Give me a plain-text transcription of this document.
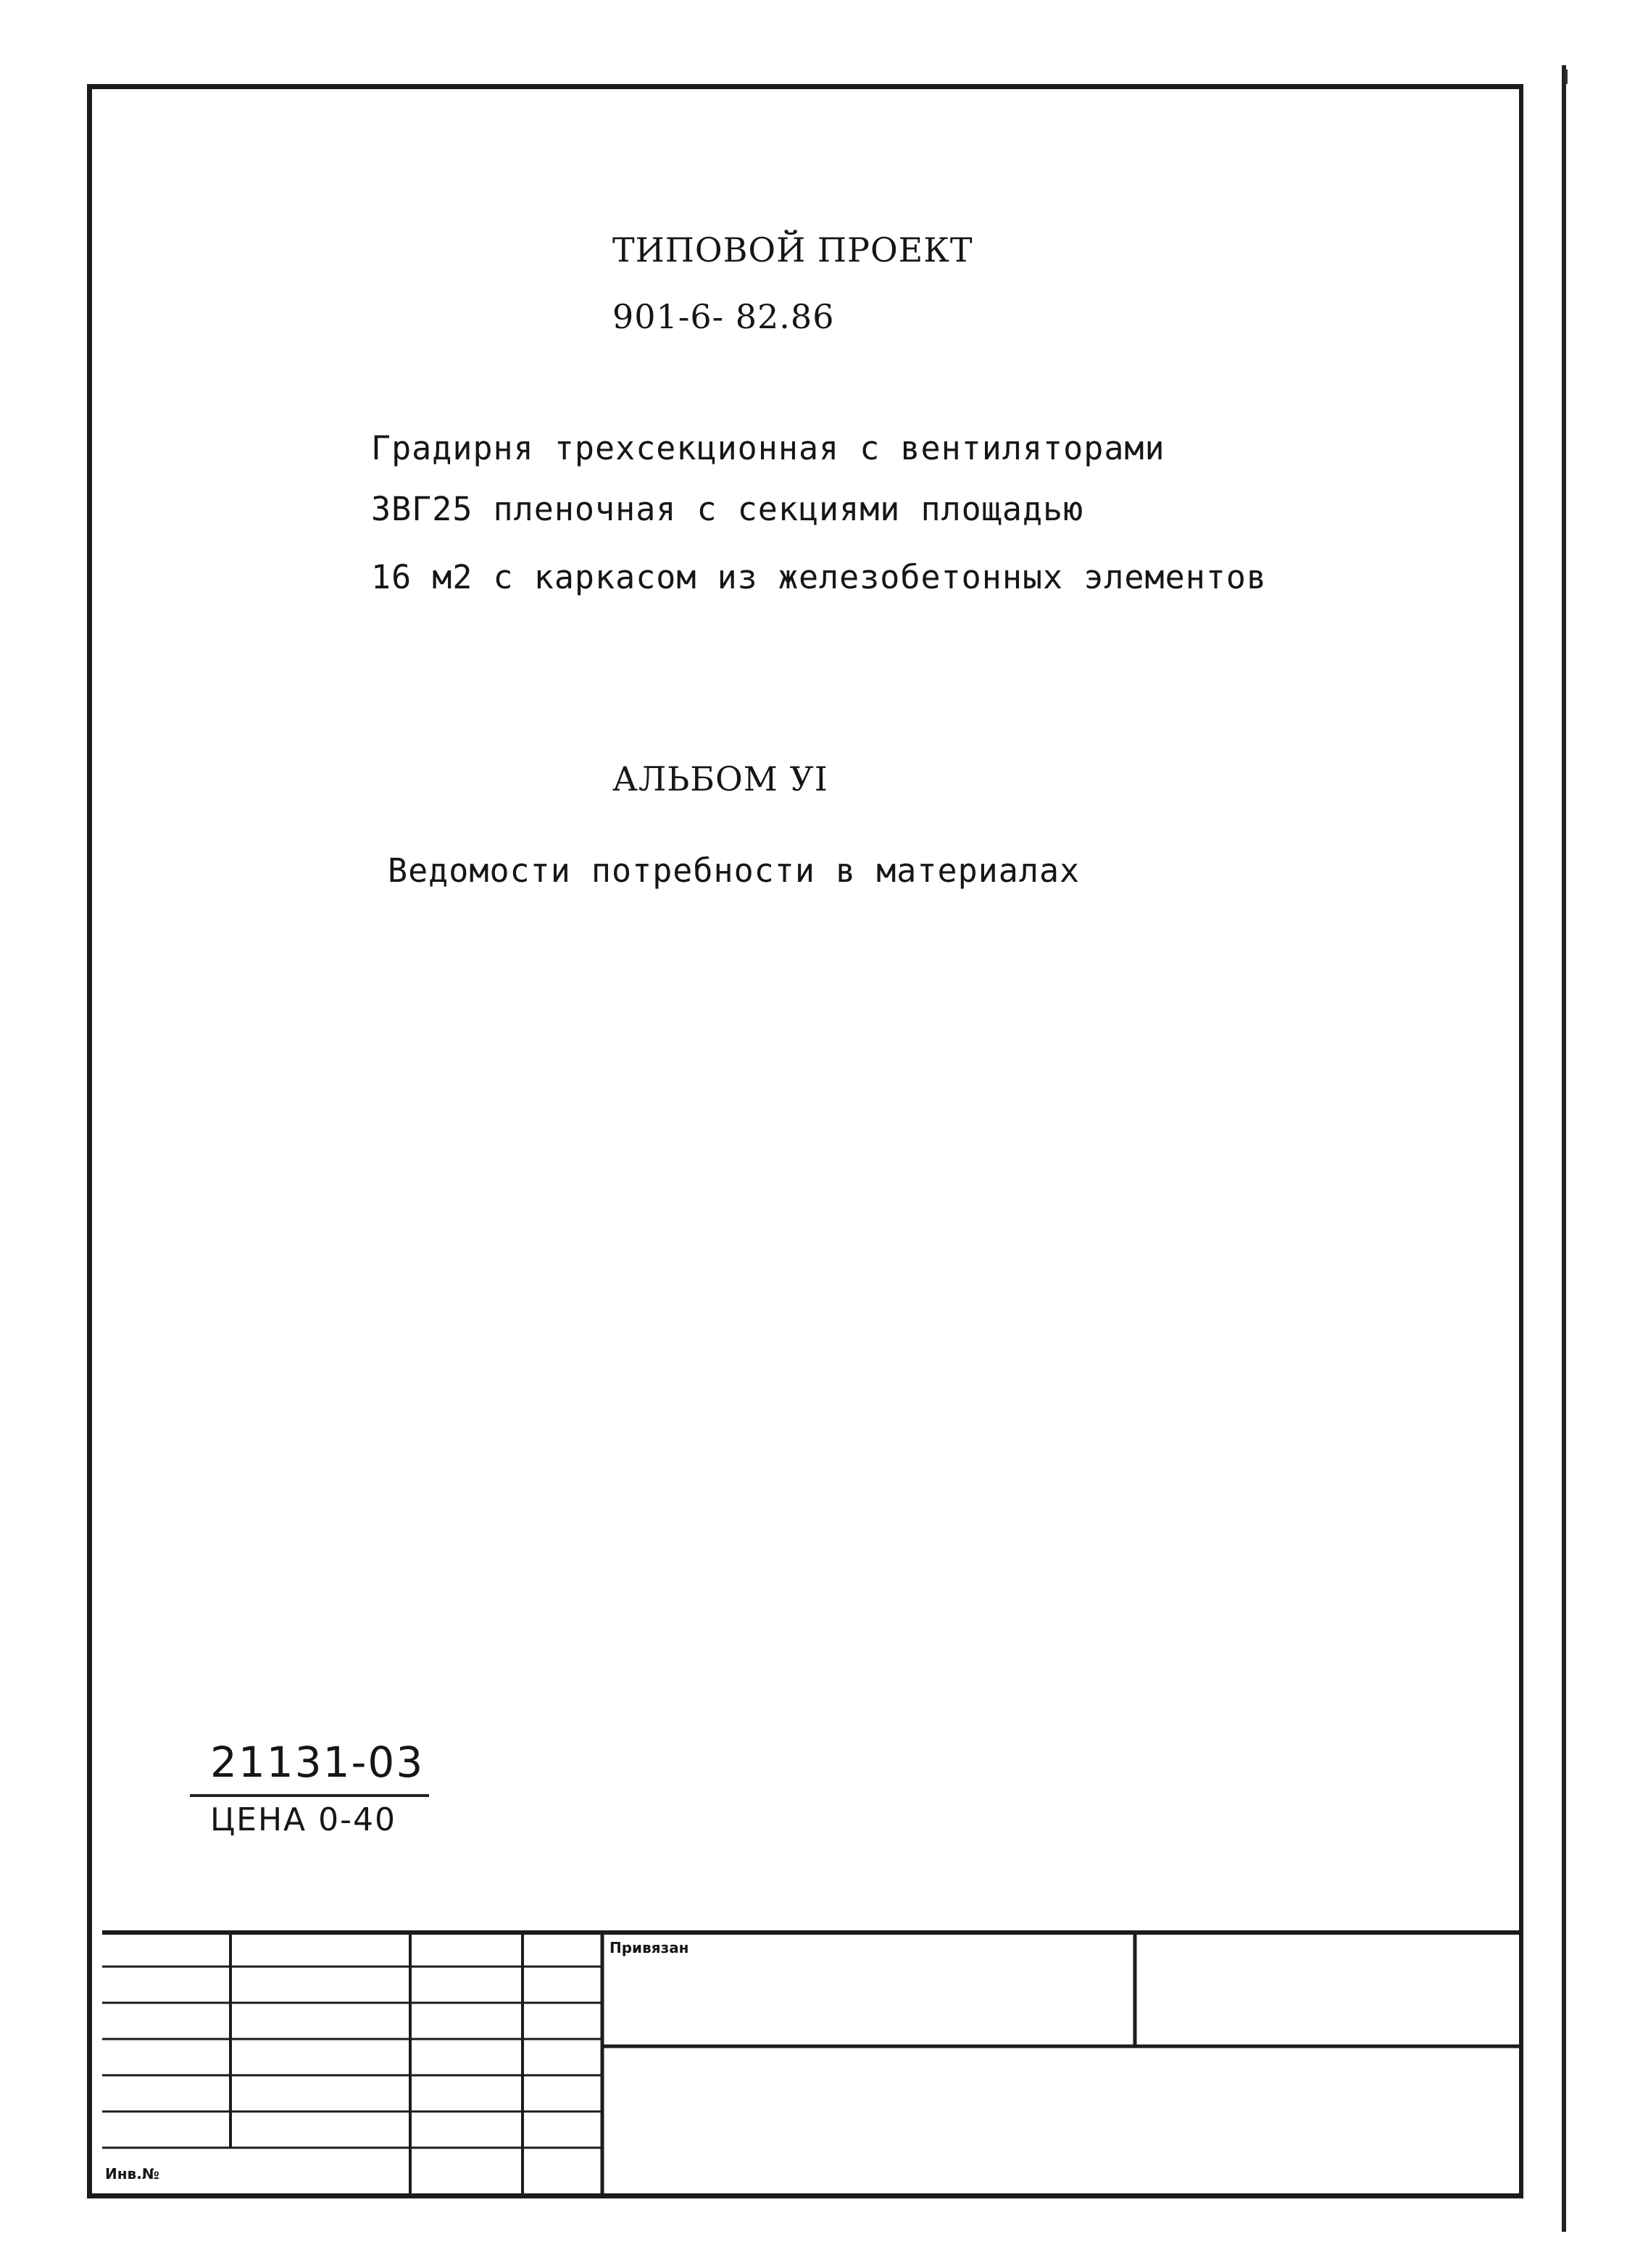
ТИПОВОЙ ПРОЕКТ
901-6- 82.86
Градирня трехсекционная с вентиляторами
3ВГ25 пленочная с секциями площадью
16 м2 с каркасом из железобетонных элементов
АЛЬБОМ УI
Ведомости потребности в материалах
21131-03
ЦЕНА 0-40
Привязан
Инв.№
